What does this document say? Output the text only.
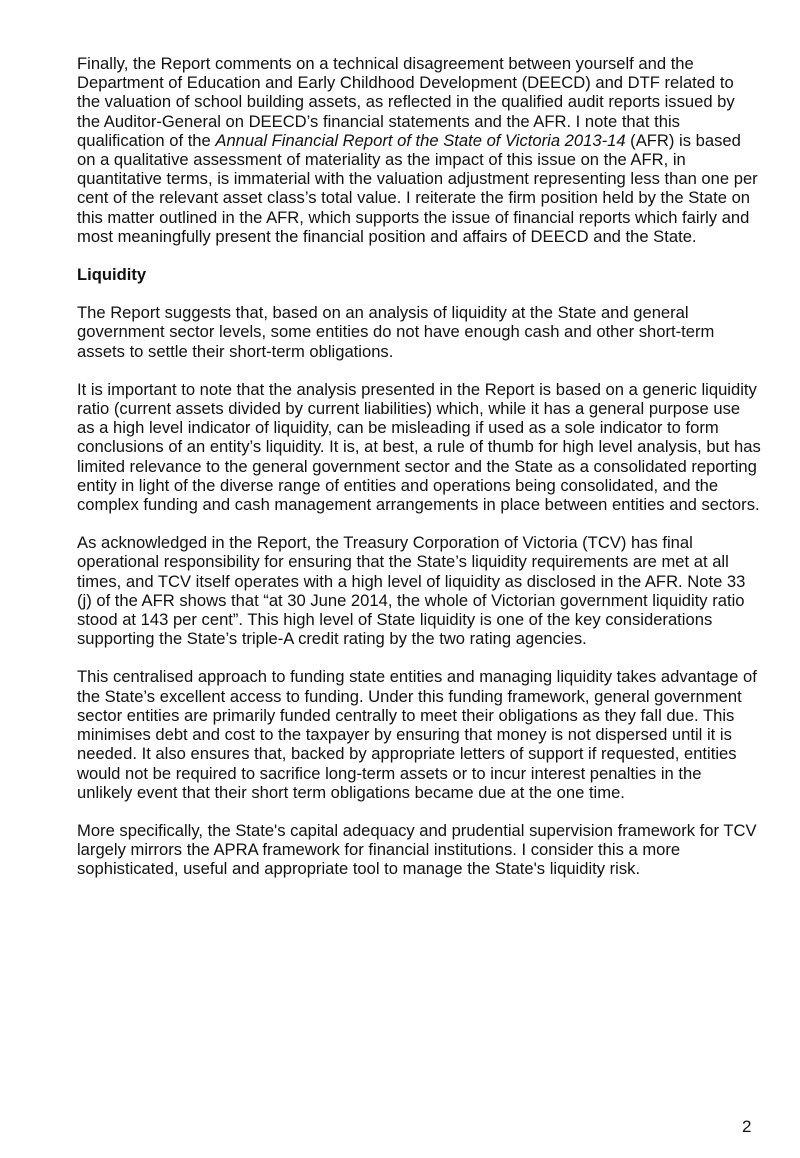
Finally, the Report comments on a technical disagreement between yourself and the Department of Education and Early Childhood Development (DEECD) and DTF related to the valuation of school building assets, as reflected in the qualified audit reports issued by the Auditor-General on DEECD’s financial statements and the AFR. I note that this qualification of the Annual Financial Report of the State of Victoria 2013-14 (AFR) is based on a qualitative assessment of materiality as the impact of this issue on the AFR, in quantitative terms, is immaterial with the valuation adjustment representing less than one per cent of the relevant asset class’s total value. I reiterate the firm position held by the State on this matter outlined in the AFR, which supports the issue of financial reports which fairly and most meaningfully present the financial position and affairs of DEECD and the State.

Liquidity

The Report suggests that, based on an analysis of liquidity at the State and general government sector levels, some entities do not have enough cash and other short-term assets to settle their short-term obligations.

It is important to note that the analysis presented in the Report is based on a generic liquidity ratio (current assets divided by current liabilities) which, while it has a general purpose use as a high level indicator of liquidity, can be misleading if used as a sole indicator to form conclusions of an entity’s liquidity. It is, at best, a rule of thumb for high level analysis, but has limited relevance to the general government sector and the State as a consolidated reporting entity in light of the diverse range of entities and operations being consolidated, and the complex funding and cash management arrangements in place between entities and sectors.

As acknowledged in the Report, the Treasury Corporation of Victoria (TCV) has final operational responsibility for ensuring that the State’s liquidity requirements are met at all times, and TCV itself operates with a high level of liquidity as disclosed in the AFR. Note 33 (j) of the AFR shows that “at 30 June 2014, the whole of Victorian government liquidity ratio stood at 143 per cent”. This high level of State liquidity is one of the key considerations supporting the State’s triple-A credit rating by the two rating agencies.

This centralised approach to funding state entities and managing liquidity takes advantage of the State’s excellent access to funding. Under this funding framework, general government sector entities are primarily funded centrally to meet their obligations as they fall due. This minimises debt and cost to the taxpayer by ensuring that money is not dispersed until it is needed. It also ensures that, backed by appropriate letters of support if requested, entities would not be required to sacrifice long-term assets or to incur interest penalties in the unlikely event that their short term obligations became due at the one time.

More specifically, the State's capital adequacy and prudential supervision framework for TCV largely mirrors the APRA framework for financial institutions. I consider this a more sophisticated, useful and appropriate tool to manage the State's liquidity risk.

2
